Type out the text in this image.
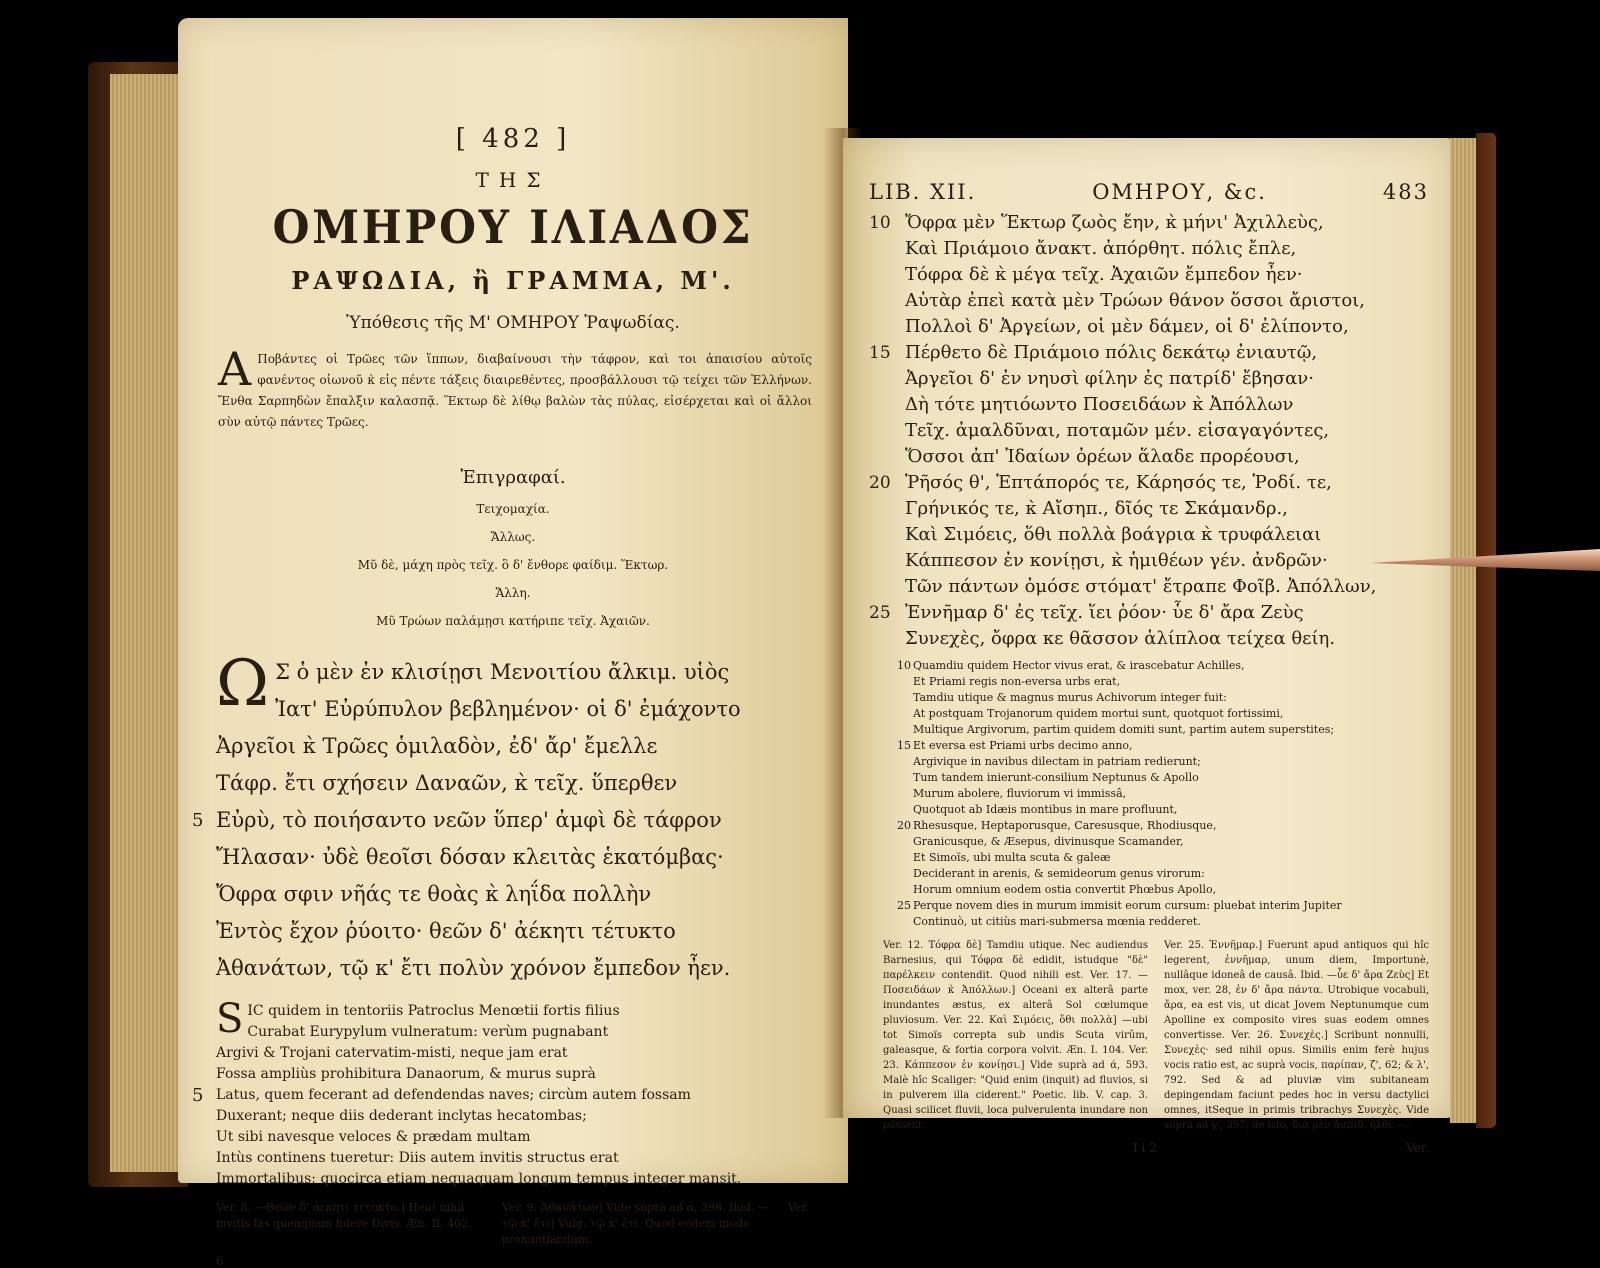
[ 482 ]
ΤΗΣ
ΟΜΗΡΟΥ ΙΛΙΑΔΟΣ
ΡΑΨΩΔΙΑ, ἢ ΓΡΑΜΜΑ, Μ'.
Ὑπόθεσις τῆς Μ' ΟΜΗΡΟΥ Ῥαψωδίας.
Α Ποβάντες οἱ Τρῶες τῶν ἵππων, διαβαίνουσι τὴν τάφρον, καὶ τοι ἀπαισίου αὐτοῖς φανέντος οἰωνοῦ κ̀ εἰς πέντε τάξεις διαιρεθέντες, προσβάλλουσι τῷ τείχει τῶν Ἑλλήνων. Ἔνθα Σαρπηδὼν ἔπαλξιν καλασπᾷ. Ἕκτωρ δὲ λίθῳ βαλὼν τὰς πύλας, εἰσέρχεται καὶ οἱ ἄλλοι σὺν αὐτῷ πάντες Τρῶες.
Ἐπιγραφαί.
Τειχομαχία.
Ἄλλως.
Μῦ δὲ, μάχη πρὸς τεῖχ. ὃ δ' ἔνθορε φαίδιμ. Ἕκτωρ.
Ἄλλη.
Μῦ Τρώων παλάμῃσι κατήριπε τεῖχ. Ἀχαιῶν.
Ω Σ ὁ μὲν ἐν κλισίῃσι Μενοιτίου ἄλκιμ. υἱὸς
Ἰατ' Εὐρύπυλον βεβλημένον· οἱ δ' ἐμάχοντο
Ἀργεῖοι κ̀ Τρῶες ὁμιλαδὸν, ἐδ' ἄρ' ἔμελλε
Τάφρ. ἔτι σχήσειν Δαναῶν, κ̀ τεῖχ. ὕπερθεν
5 Εὐρὺ, τὸ ποιήσαντο νεῶν ὕπερ' ἀμφὶ δὲ τάφρον
Ἤλασαν· ὐδὲ θεοῖσι δόσαν κλειτὰς ἑκατόμβας·
Ὄφρα σφιν νῆάς τε θοὰς κ̀ ληΐδα πολλὴν
Ἐντὸς ἔχον ῥύοιτο· θεῶν δ' ἀέκητι τέτυκτο
Ἀθανάτων, τῷ κ' ἔτι πολὺν χρόνον ἔμπεδον ἦεν.
S IC quidem in tentoriis Patroclus Menœtii fortis filius
Curabat Eurypylum vulneratum: verùm pugnabant
Argivi & Trojani catervatim-misti, neque jam erat
Fossa ampliùs prohibitura Danaorum, & murus suprà
5 Latus, quem fecerant ad defendendas naves; circùm autem fossam
Duxerant; neque diis dederant inclytas hecatombas;
Ut sibi navesque veloces & prædam multam
Intùs continens tueretur: Diis autem invitis structus erat
Immortalibus; quocirca etiam nequaquam longum tempus integer mansit.
Ver. 8. —Θεῶν δ' ἀέκητι τέτυκτο.] Heu! nihil invitis fas quenquam fidere Divis. Æn. II. 402.
Ver. 9. Ἀθανάτων] Vide suprà ad ά, 398. Ibid. —τῷ κ' ἔτι] Vulg. τῷ κ' ἔτι. Quod eodem modo pronuntiandum.
Ver.
6
LIB. XII.	ΟΜΗΡΟΥ, &c.	483
10 Ὄφρα μὲν Ἕκτωρ ζωὸς ἔην, κ̀ μήνι' Ἀχιλλεὺς,
Καὶ Πριάμοιο ἄνακτ. ἀπόρθητ. πόλις ἔπλε,
Τόφρα δὲ κ̀ μέγα τεῖχ. Ἀχαιῶν ἔμπεδον ἦεν·
Αὐτὰρ ἐπεὶ κατὰ μὲν Τρώων θάνον ὅσσοι ἄριστοι,
Πολλοὶ δ' Ἀργείων, οἱ μὲν δάμεν, οἱ δ' ἐλίποντο,
15 Πέρθετο δὲ Πριάμοιο πόλις δεκάτῳ ἐνιαυτῷ,
Ἀργεῖοι δ' ἐν νηυσὶ φίλην ἐς πατρίδ' ἔβησαν·
Δὴ τότε μητιόωντο Ποσειδάων κ̀ Ἀπόλλων
Τεῖχ. ἀμαλδῦναι, ποταμῶν μέν. εἰσαγαγόντες,
Ὅσσοι ἀπ' Ἰδαίων ὀρέων ἅλαδε προρέουσι,
20 Ῥῆσός θ', Ἑπτάπορός τε, Κάρησός τε, Ῥοδί. τε,
Γρήνικός τε, κ̀ Αἴσηπ., δῖός τε Σκάμανδρ.,
Καὶ Σιμόεις, ὅθι πολλὰ βοάγρια κ̀ τρυφάλειαι
Κάππεσον ἐν κονίῃσι, κ̀ ἡμιθέων γέν. ἀνδρῶν·
Τῶν πάντων ὁμόσε στόματ' ἔτραπε Φοῖβ. Ἀπόλλων,
25 Ἐννῆμαρ δ' ἐς τεῖχ. ἵει ῥόον· ὗε δ' ἄρα Ζεὺς
Συνεχὲς, ὄφρα κε θᾶσσον ἁλίπλοα τείχεα θείη.
10 Quamdiu quidem Hector vivus erat, & irascebatur Achilles,
Et Priami regis non-eversa urbs erat,
Tamdiu utique & magnus murus Achivorum integer fuit:
At postquam Trojanorum quidem mortui sunt, quotquot fortissimi,
Multique Argivorum, partim quidem domiti sunt, partim autem superstites;
15 Et eversa est Priami urbs decimo anno,
Argivique in navibus dilectam in patriam redierunt;
Tum tandem inierunt-consilium Neptunus & Apollo
Murum abolere, fluviorum vi immissâ,
Quotquot ab Idæis montibus in mare profluunt,
20 Rhesusque, Heptaporusque, Caresusque, Rhodiusque,
Granicusque, & Æsepus, divinusque Scamander,
Et Simoïs, ubi multa scuta & galeæ
Deciderant in arenis, & semideorum genus virorum:
Horum omnium eodem ostia convertit Phœbus Apollo,
25 Perque novem dies in murum immisit eorum cursum: pluebat interim Jupiter
Continuò, ut citiùs mari-submersa mœnia redderet.
Ver. 12. Τόφρα δὲ] Tamdiu utique. Nec audiendus Barnesius, qui Τόφρα δὲ edidit, istudque "δὲ" παρέλκειν contendit. Quod nihili est. Ver. 17. —Ποσειδάων κ̀ Ἀπόλλων.] Oceani ex alterâ parte inundantes æstus, ex alterâ Sol cœlumque pluviosum. Ver. 22. Καὶ Σιμόεις, ὅθι πολλὰ] —ubi tot Simoïs correpta sub undis Scuta virûm, galeasque, & fortia corpora volvit. Æn. I. 104. Ver. 23. Κάππεσον ἐν κονίῃσι.] Vide suprà ad ά, 593. Malè hîc Scaliger: "Quid enim (inquit) ad fluvios, si in pulverem illa ciderent." Poetic. lib. V. cap. 3. Quasi scilicet fluvii, loca pulverulenta inundare non possent.
Ver. 25. Ἐννῆμαρ.] Fuerunt apud antiquos qui hîc legerent, ἐννῆμαρ, unum diem, Importunè, nullâque idoneâ de causâ. Ibid. —ὗε δ' ἄρα Ζεὺς] Et mox, ver. 28, ἐν δ' ἄρα πάντα. Utrobique vocabuli, ἄρα, ea est vis, ut dicat Jovem Neptunumque cum Apolline ex composito vires suas eodem omnes convertisse. Ver. 26. Συνεχὲς.] Scribunt nonnulli, Συνεχὲς· sed nihil opus. Similis enim ferè hujus vocis ratio est, ac suprà vocis, παρίπαν, ζ', 62; & λ', 792. Sed & ad pluviæ vim subitaneam depingendam faciunt pedes hoc in versu dactylici omnes, itSeque in primis tribrachys Συνεχὲς. Vide suprà ad γ', 357; de isto, διὰ μὲν ἀσπίδ. ἦλθε —.
I i 2	Ver.
